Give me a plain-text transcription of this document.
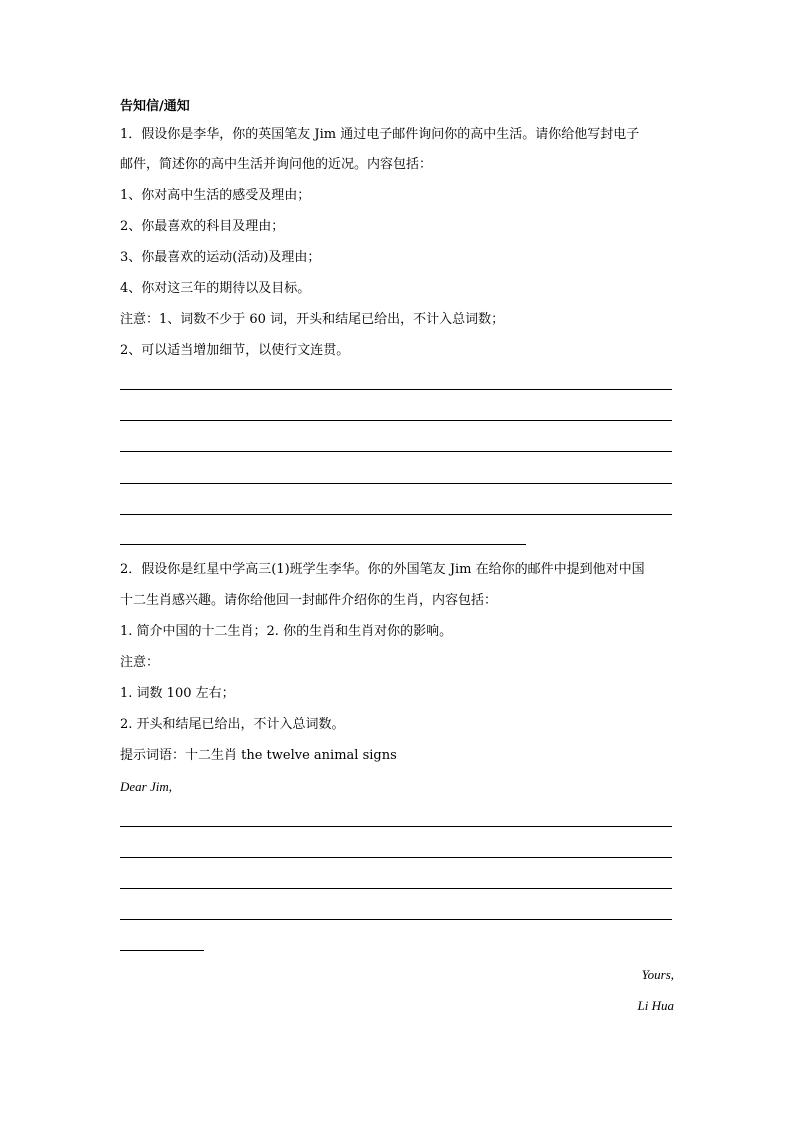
告知信/通知
1．假设你是李华，你的英国笔友 Jim 通过电子邮件询问你的高中生活。请你给他写封电子
邮件，简述你的高中生活并询问他的近况。内容包括：
1、你对高中生活的感受及理由；
2、你最喜欢的科目及理由；
3、你最喜欢的运动(活动)及理由；
4、你对这三年的期待以及目标。
注意：1、词数不少于 60 词，开头和结尾已给出，不计入总词数；
2、可以适当增加细节，以使行文连贯。
2．假设你是红星中学高三(1)班学生李华。你的外国笔友 Jim 在给你的邮件中提到他对中国
十二生肖感兴趣。请你给他回一封邮件介绍你的生肖，内容包括：
1. 简介中国的十二生肖；2. 你的生肖和生肖对你的影响。
注意：
1. 词数 100 左右；
2. 开头和结尾已给出，不计入总词数。
提示词语：十二生肖 the twelve animal signs
Dear Jim,
Yours,
Li Hua
